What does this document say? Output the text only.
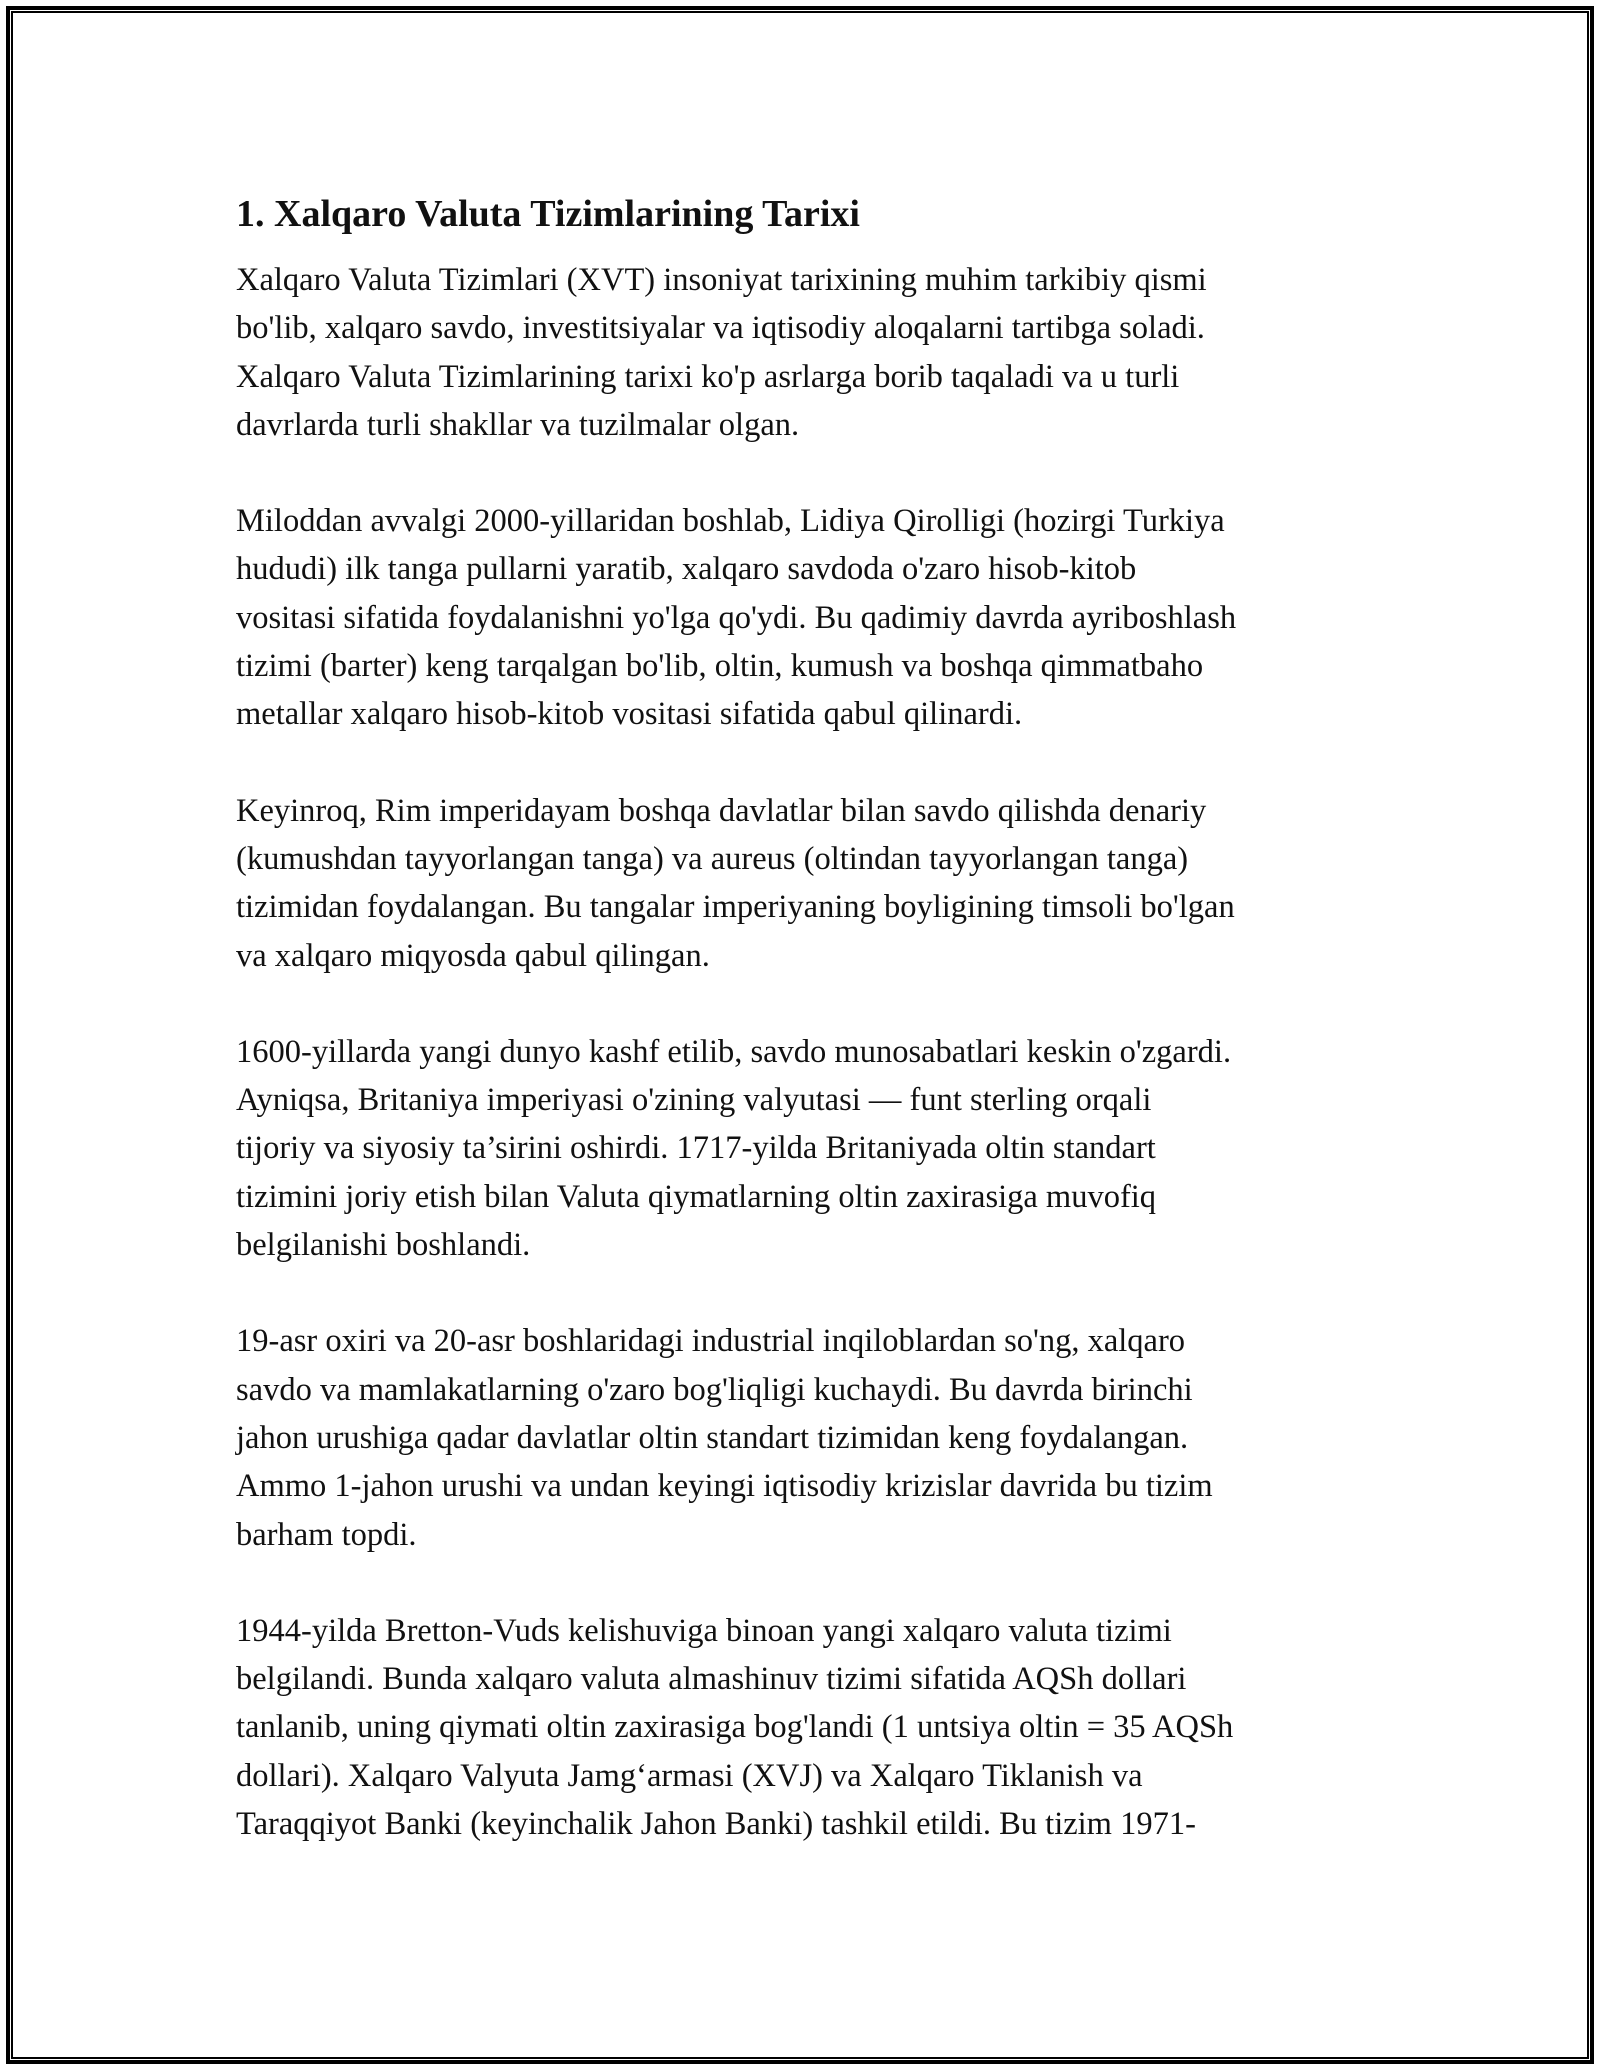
1. Xalqaro Valuta Tizimlarining Tarixi

Xalqaro Valuta Tizimlari (XVT) insoniyat tarixining muhim tarkibiy qismi
bo'lib, xalqaro savdo, investitsiyalar va iqtisodiy aloqalarni tartibga soladi.
Xalqaro Valuta Tizimlarining tarixi ko'p asrlarga borib taqaladi va u turli
davrlarda turli shakllar va tuzilmalar olgan.

Miloddan avvalgi 2000-yillaridan boshlab, Lidiya Qirolligi (hozirgi Turkiya
hududi) ilk tanga pullarni yaratib, xalqaro savdoda o'zaro hisob-kitob
vositasi sifatida foydalanishni yo'lga qo'ydi. Bu qadimiy davrda ayriboshlash
tizimi (barter) keng tarqalgan bo'lib, oltin, kumush va boshqa qimmatbaho
metallar xalqaro hisob-kitob vositasi sifatida qabul qilinardi.

Keyinroq, Rim imperidayam boshqa davlatlar bilan savdo qilishda denariy
(kumushdan tayyorlangan tanga) va aureus (oltindan tayyorlangan tanga)
tizimidan foydalangan. Bu tangalar imperiyaning boyligining timsoli bo'lgan
va xalqaro miqyosda qabul qilingan.

1600-yillarda yangi dunyo kashf etilib, savdo munosabatlari keskin o'zgardi.
Ayniqsa, Britaniya imperiyasi o'zining valyutasi — funt sterling orqali
tijoriy va siyosiy ta’sirini oshirdi. 1717-yilda Britaniyada oltin standart
tizimini joriy etish bilan Valuta qiymatlarning oltin zaxirasiga muvofiq
belgilanishi boshlandi.

19-asr oxiri va 20-asr boshlaridagi industrial inqiloblardan so'ng, xalqaro
savdo va mamlakatlarning o'zaro bog'liqligi kuchaydi. Bu davrda birinchi
jahon urushiga qadar davlatlar oltin standart tizimidan keng foydalangan.
Ammo 1-jahon urushi va undan keyingi iqtisodiy krizislar davrida bu tizim
barham topdi.

1944-yilda Bretton-Vuds kelishuviga binoan yangi xalqaro valuta tizimi
belgilandi. Bunda xalqaro valuta almashinuv tizimi sifatida AQSh dollari
tanlanib, uning qiymati oltin zaxirasiga bog'landi (1 untsiya oltin = 35 AQSh
dollari). Xalqaro Valyuta Jamg‘armasi (XVJ) va Xalqaro Tiklanish va
Taraqqiyot Banki (keyinchalik Jahon Banki) tashkil etildi. Bu tizim 1971-
